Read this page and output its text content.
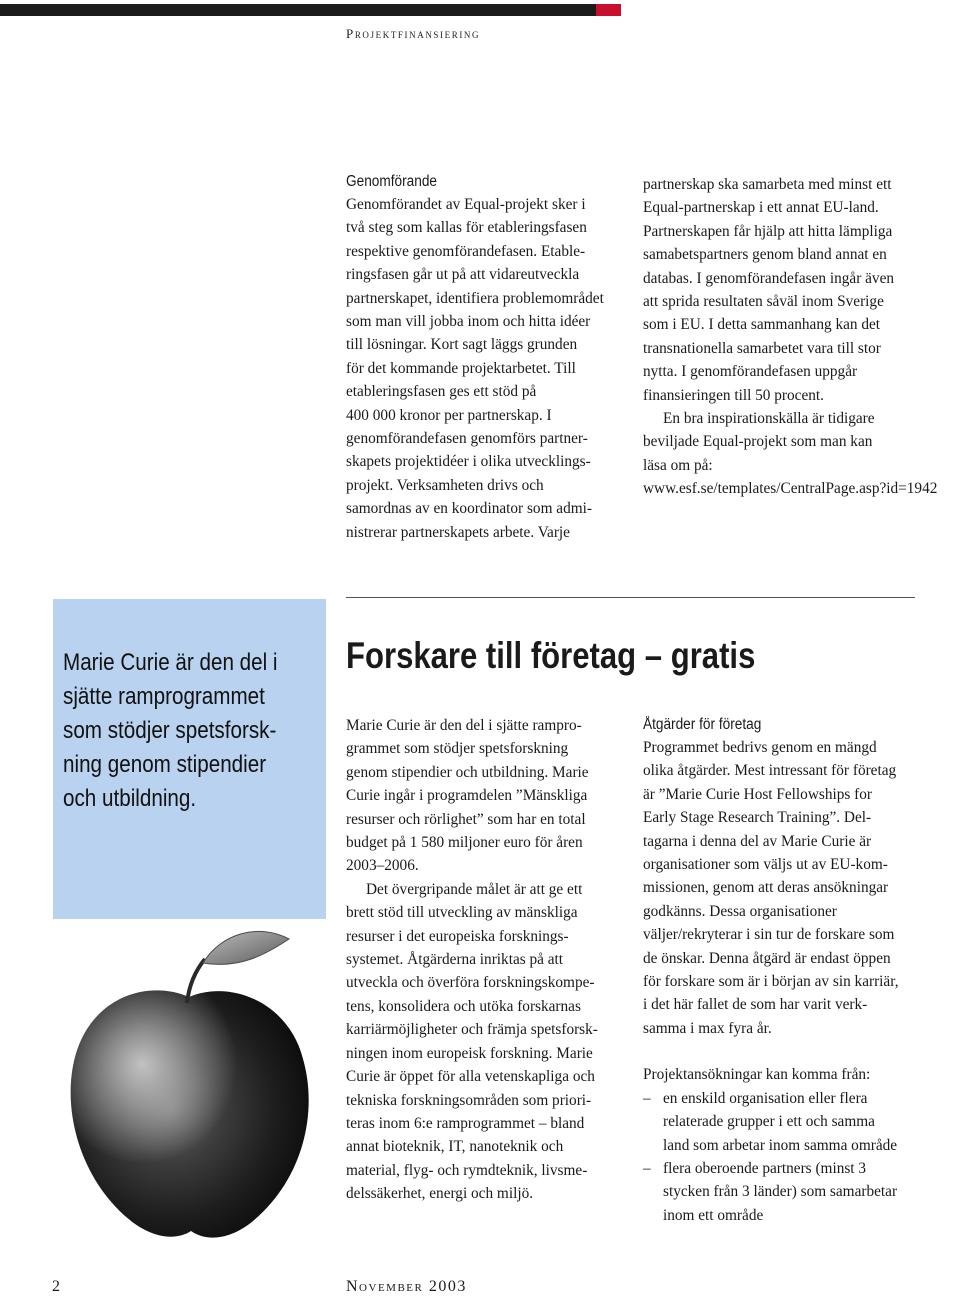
Projektfinansiering

Genomförande

Genomförandet av Equal-projekt sker i
två steg som kallas för etableringsfasen
respektive genomförandefasen. Etable-
ringsfasen går ut på att vidareutveckla
partnerskapet, identifiera problemområdet
som man vill jobba inom och hitta idéer
till lösningar. Kort sagt läggs grunden
för det kommande projektarbetet. Till
etableringsfasen ges ett stöd på
400 000 kronor per partnerskap. I
genomförandefasen genomförs partner-
skapets projektidéer i olika utvecklings-
projekt. Verksamheten drivs och
samordnas av en koordinator som admi-
nistrerar partnerskapets arbete. Varje

partnerskap ska samarbeta med minst ett
Equal-partnerskap i ett annat EU-land.
Partnerskapen får hjälp att hitta lämpliga
samabetspartners genom bland annat en
databas. I genomförandefasen ingår även
att sprida resultaten såväl inom Sverige
som i EU. I detta sammanhang kan det
transnationella samarbetet vara till stor
nytta. I genomförandefasen uppgår
finansieringen till 50 procent.

En bra inspirationskälla är tidigare
beviljade Equal-projekt som man kan
läsa om på:
www.esf.se/templates/CentralPage.asp?id=1942

Marie Curie är den del i
sjätte ramprogrammet
som stödjer spetsforsk-
ning genom stipendier
och utbildning.

Forskare till företag – gratis

Marie Curie är den del i sjätte rampro-
grammet som stödjer spetsforskning
genom stipendier och utbildning. Marie
Curie ingår i programdelen ”Mänskliga
resurser och rörlighet” som har en total
budget på 1 580 miljoner euro för åren
2003–2006.

Det övergripande målet är att ge ett
brett stöd till utveckling av mänskliga
resurser i det europeiska forsknings-
systemet. Åtgärderna inriktas på att
utveckla och överföra forskningskompe-
tens, konsolidera och utöka forskarnas
karriärmöjligheter och främja spetsforsk-
ningen inom europeisk forskning. Marie
Curie är öppet för alla vetenskapliga och
tekniska forskningsområden som priori-
teras inom 6:e ramprogrammet – bland
annat bioteknik, IT, nanoteknik och
material, flyg- och rymdteknik, livsme-
delssäkerhet, energi och miljö.

Åtgärder för företag

Programmet bedrivs genom en mängd
olika åtgärder. Mest intressant för företag
är ”Marie Curie Host Fellowships for
Early Stage Research Training”. Del-
tagarna i denna del av Marie Curie är
organisationer som väljs ut av EU-kom-
missionen, genom att deras ansökningar
godkänns. Dessa organisationer
väljer/rekryterar i sin tur de forskare som
de önskar. Denna åtgärd är endast öppen
för forskare som är i början av sin karriär,
i det här fallet de som har varit verk-
samma i max fyra år.

Projektansökningar kan komma från:

– en enskild organisation eller flera
relaterade grupper i ett och samma
land som arbetar inom samma område
– flera oberoende partners (minst 3
stycken från 3 länder) som samarbetar
inom ett område
2	November 2003
